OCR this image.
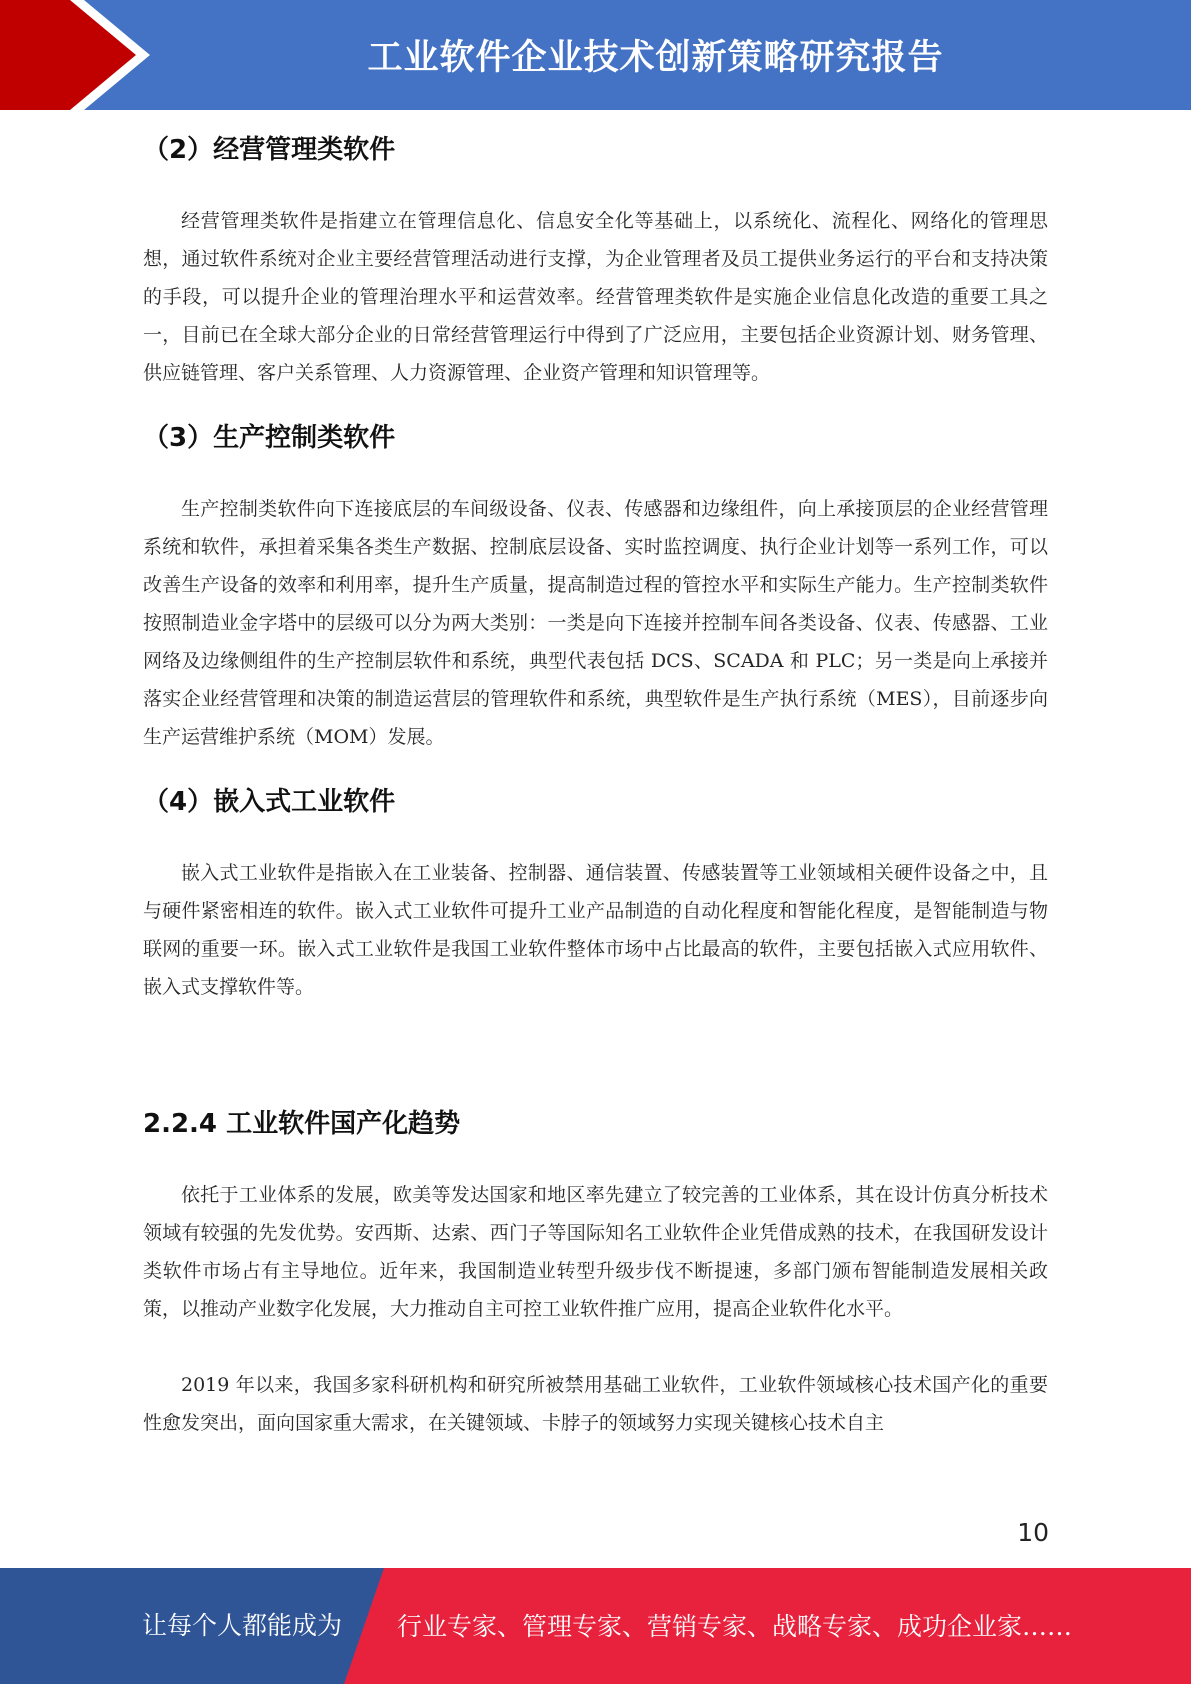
工业软件企业技术创新策略研究报告
（2）经营管理类软件

经营管理类软件是指建立在管理信息化、信息安全化等基础上，以系统化、流程化、网络化的管理思想，通过软件系统对企业主要经营管理活动进行支撑，为企业管理者及员工提供业务运行的平台和支持决策的手段，可以提升企业的管理治理水平和运营效率。经营管理类软件是实施企业信息化改造的重要工具之一，目前已在全球大部分企业的日常经营管理运行中得到了广泛应用，主要包括企业资源计划、财务管理、供应链管理、客户关系管理、人力资源管理、企业资产管理和知识管理等。

（3）生产控制类软件

生产控制类软件向下连接底层的车间级设备、仪表、传感器和边缘组件，向上承接顶层的企业经营管理系统和软件，承担着采集各类生产数据、控制底层设备、实时监控调度、执行企业计划等一系列工作，可以改善生产设备的效率和利用率，提升生产质量，提高制造过程的管控水平和实际生产能力。生产控制类软件按照制造业金字塔中的层级可以分为两大类别：一类是向下连接并控制车间各类设备、仪表、传感器、工业网络及边缘侧组件的生产控制层软件和系统，典型代表包括 DCS、SCADA 和 PLC；另一类是向上承接并落实企业经营管理和决策的制造运营层的管理软件和系统，典型软件是生产执行系统（MES），目前逐步向生产运营维护系统（MOM）发展。

（4）嵌入式工业软件

嵌入式工业软件是指嵌入在工业装备、控制器、通信装置、传感装置等工业领域相关硬件设备之中，且与硬件紧密相连的软件。嵌入式工业软件可提升工业产品制造的自动化程度和智能化程度，是智能制造与物联网的重要一环。嵌入式工业软件是我国工业软件整体市场中占比最高的软件，主要包括嵌入式应用软件、嵌入式支撑软件等。

2.2.4 工业软件国产化趋势

依托于工业体系的发展，欧美等发达国家和地区率先建立了较完善的工业体系，其在设计仿真分析技术领域有较强的先发优势。安西斯、达索、西门子等国际知名工业软件企业凭借成熟的技术，在我国研发设计类软件市场占有主导地位。近年来，我国制造业转型升级步伐不断提速，多部门颁布智能制造发展相关政策，以推动产业数字化发展，大力推动自主可控工业软件推广应用，提高企业软件化水平。

2019 年以来，我国多家科研机构和研究所被禁用基础工业软件，工业软件领域核心技术国产化的重要性愈发突出，面向国家重大需求，在关键领域、卡脖子的领域努力实现关键核心技术自主

10
让每个人都能成为 行业专家、管理专家、营销专家、战略专家、成功企业家……
